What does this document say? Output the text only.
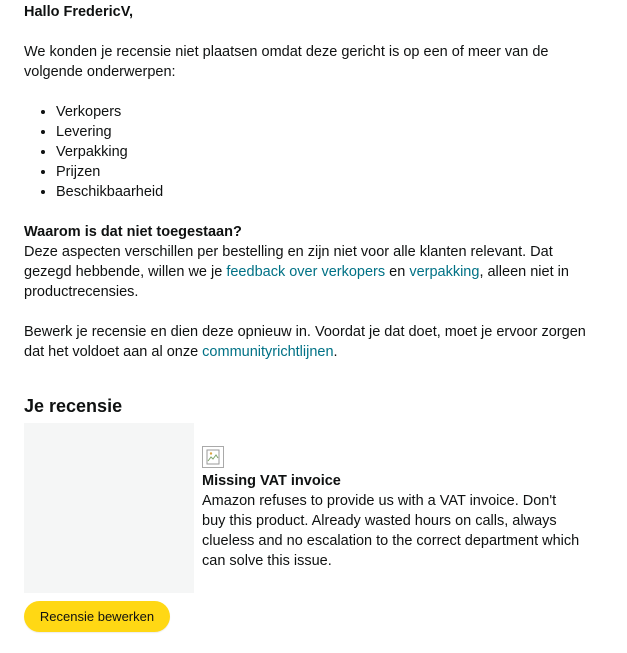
Hallo FredericV,

We konden je recensie niet plaatsen omdat deze gericht is op een of meer van de volgende onderwerpen:

• Verkopers
• Levering
• Verpakking
• Prijzen
• Beschikbaarheid

Waarom is dat niet toegestaan?

Deze aspecten verschillen per bestelling en zijn niet voor alle klanten relevant. Dat gezegd hebbende, willen we je feedback over verkopers en verpakking, alleen niet in productrecensies.

Bewerk je recensie en dien deze opnieuw in. Voordat je dat doet, moet je ervoor zorgen dat het voldoet aan al onze communityrichtlijnen.

Je recensie

Missing VAT invoice

Amazon refuses to provide us with a VAT invoice. Don't buy this product. Already wasted hours on calls, always clueless and no escalation to the correct department which can solve this issue.

Recensie bewerken
